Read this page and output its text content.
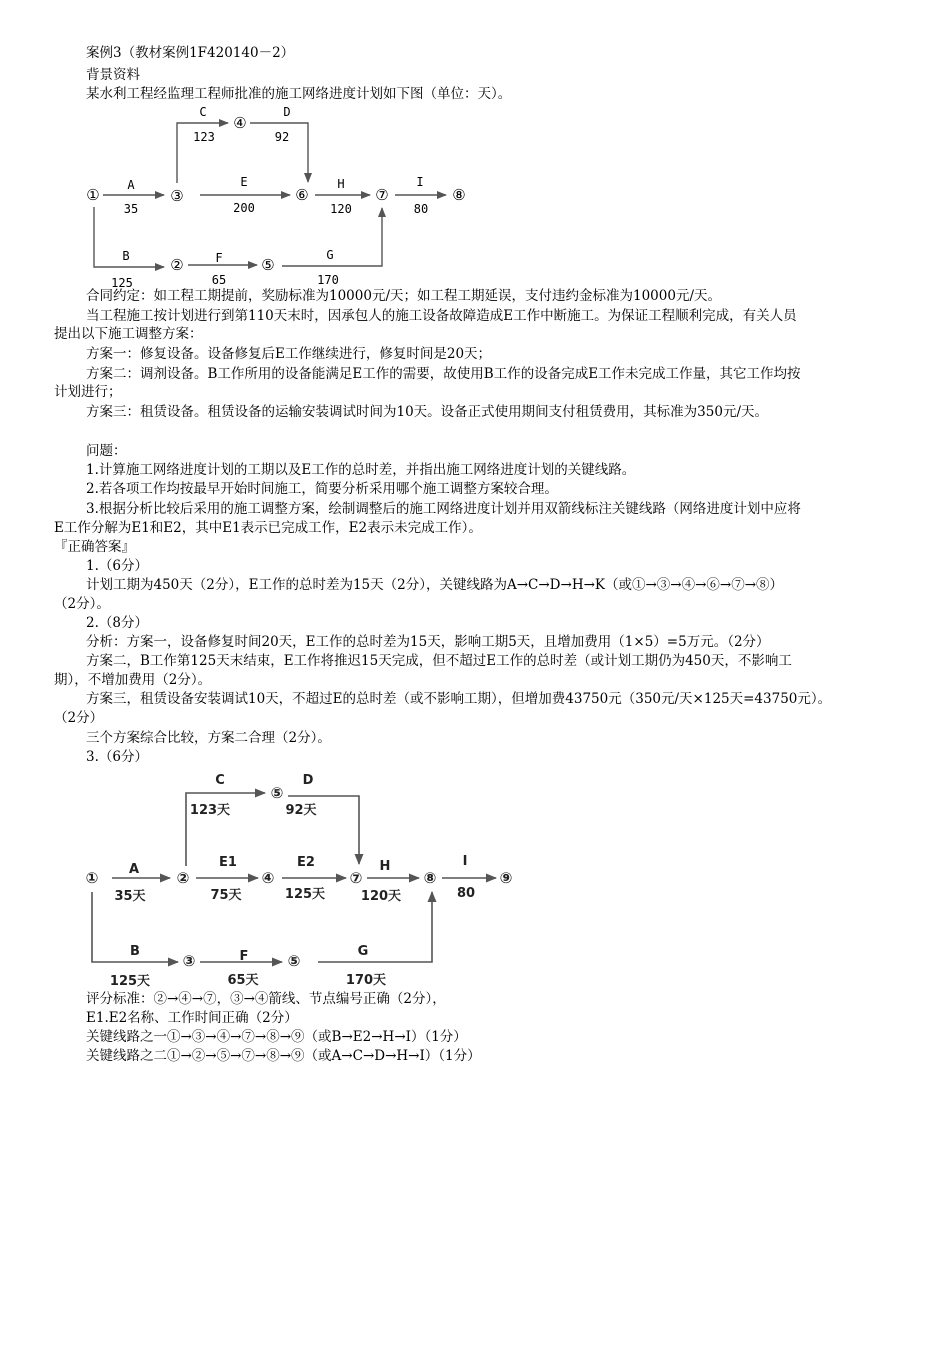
案例3（教材案例1F420140－2）
背景资料
某水利工程经监理工程师批准的施工网络进度计划如下图（单位：天）。
①	③
④
⑥	⑦	⑧
②	⑤
A
35
C
123
D
92
E
200
H
120
I
80
B
125
F
65
G
170
合同约定：如工程工期提前，奖励标准为10000元/天；如工程工期延误，支付违约金标准为10000元/天。
当工程施工按计划进行到第110天末时，因承包人的施工设备故障造成E工作中断施工。为保证工程顺利完成，有关人员
提出以下施工调整方案：
方案一：修复设备。设备修复后E工作继续进行，修复时间是20天；
方案二：调剂设备。B工作所用的设备能满足E工作的需要，故使用B工作的设备完成E工作未完成工作量，其它工作均按
计划进行；
方案三：租赁设备。租赁设备的运输安装调试时间为10天。设备正式使用期间支付租赁费用，其标准为350元/天。
问题：
1.计算施工网络进度计划的工期以及E工作的总时差，并指出施工网络进度计划的关键线路。
2.若各项工作均按最早开始时间施工，简要分析采用哪个施工调整方案较合理。
3.根据分析比较后采用的施工调整方案，绘制调整后的施工网络进度计划并用双箭线标注关键线路（网络进度计划中应将
E工作分解为E1和E2，其中E1表示已完成工作，E2表示未完成工作）。
『正确答案』
1.（6分）
计划工期为450天（2分），E工作的总时差为15天（2分），关键线路为A→C→D→H→K（或①→③→④→⑥→⑦→⑧）
（2分）。
2.（8分）
分析：方案一，设备修复时间20天，E工作的总时差为15天，影响工期5天，且增加费用（1×5）=5万元。（2分）
方案二，B工作第125天末结束，E工作将推迟15天完成，但不超过E工作的总时差（或计划工期仍为450天，不影响工
期），不增加费用（2分）。
方案三，租赁设备安装调试10天，不超过E的总时差（或不影响工期），但增加费43750元（350元/天×125天=43750元）。
（2分）
三个方案综合比较，方案二合理（2分）。
3.（6分）
①	②	④	⑦	⑧	⑨
⑤
③	⑤
A
35天
C
123天
D
92天
E1
75天
E2
125天
H
120天
I
80
B
125天
F
65天
G
170天
评分标准：②→④→⑦，③→④箭线、节点编号正确（2分），
E1.E2名称、工作时间正确（2分）
关键线路之一①→③→④→⑦→⑧→⑨（或B→E2→H→I）（1分）
关键线路之二①→②→⑤→⑦→⑧→⑨（或A→C→D→H→I）（1分）
